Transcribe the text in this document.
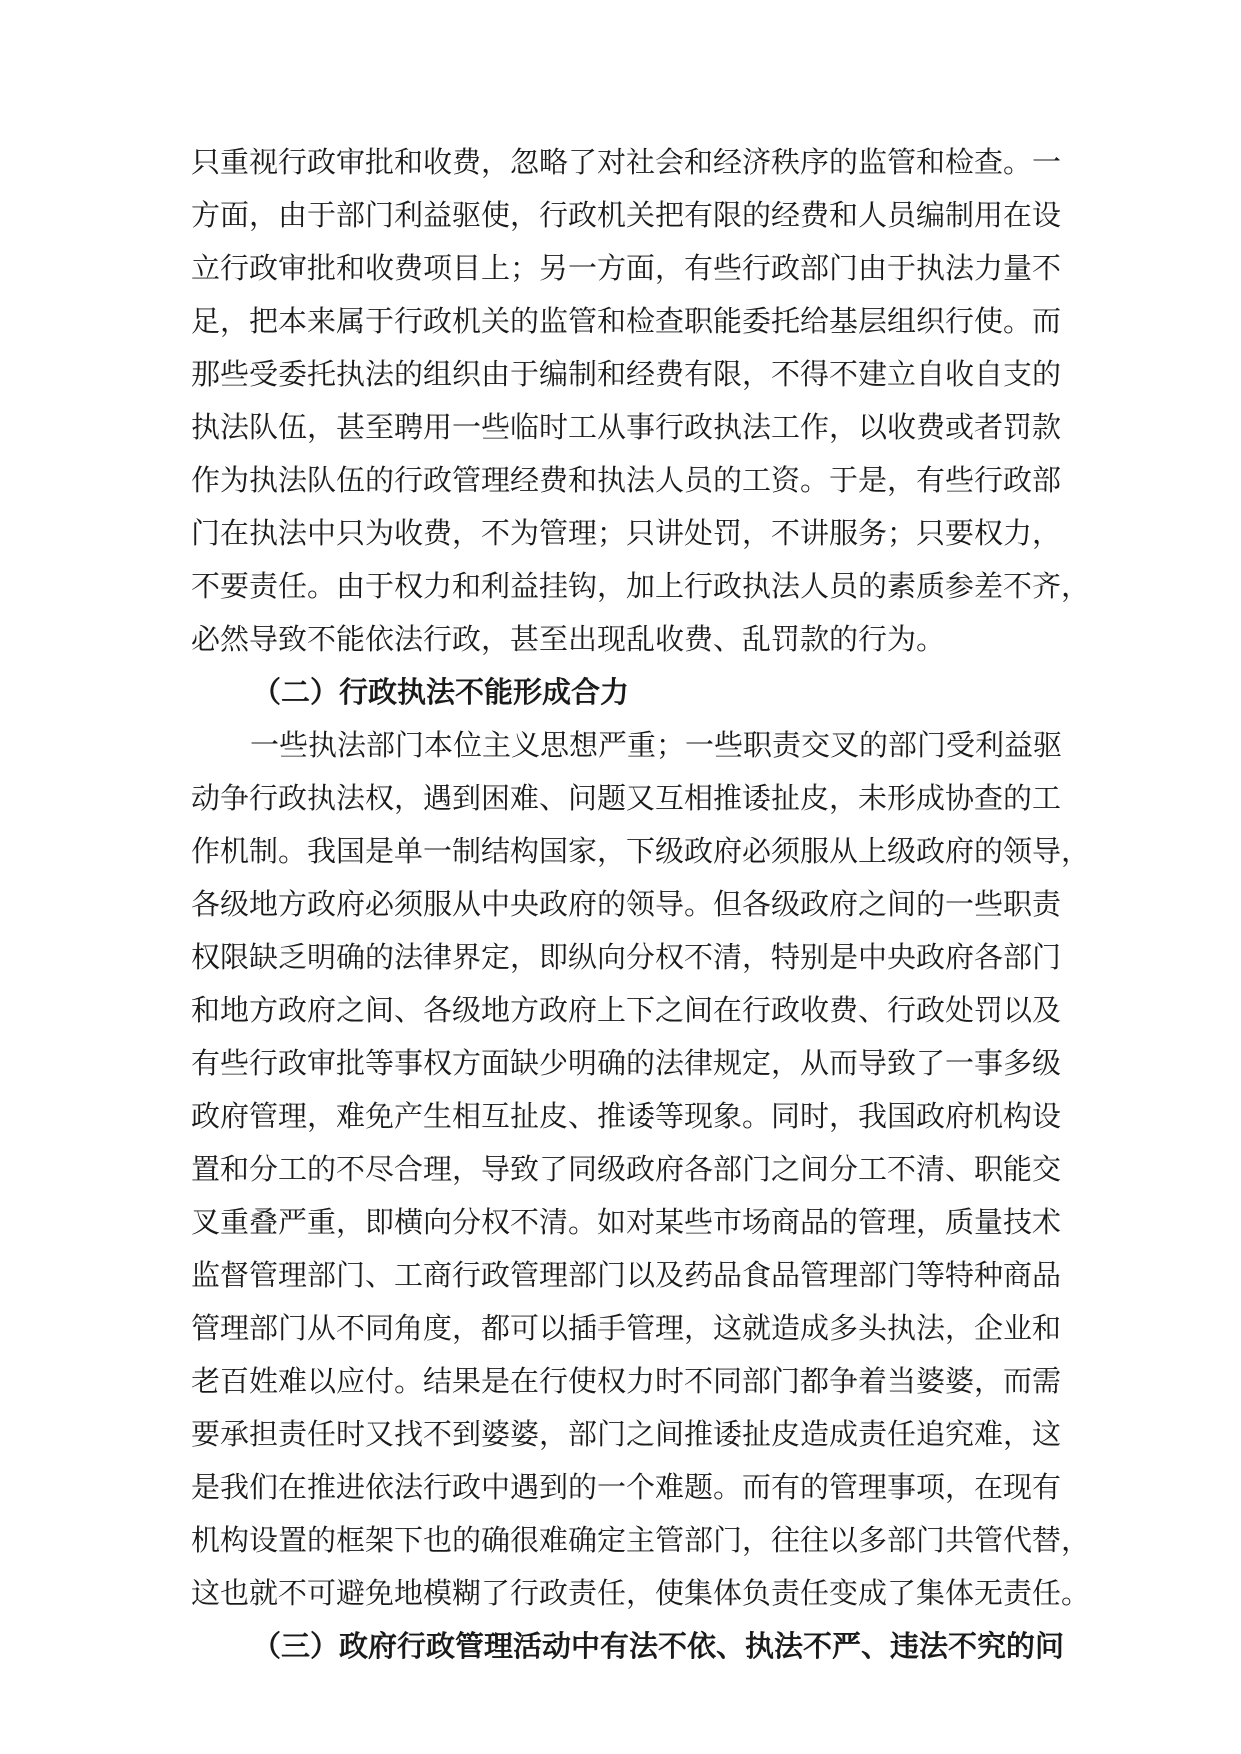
只重视行政审批和收费，忽略了对社会和经济秩序的监管和检查。一
方面，由于部门利益驱使，行政机关把有限的经费和人员编制用在设
立行政审批和收费项目上；另一方面，有些行政部门由于执法力量不
足，把本来属于行政机关的监管和检查职能委托给基层组织行使。而
那些受委托执法的组织由于编制和经费有限，不得不建立自收自支的
执法队伍，甚至聘用一些临时工从事行政执法工作，以收费或者罚款
作为执法队伍的行政管理经费和执法人员的工资。于是，有些行政部
门在执法中只为收费，不为管理；只讲处罚，不讲服务；只要权力，
不要责任。由于权力和利益挂钩，加上行政执法人员的素质参差不齐，
必然导致不能依法行政，甚至出现乱收费、乱罚款的行为。
（二）行政执法不能形成合力
一些执法部门本位主义思想严重；一些职责交叉的部门受利益驱
动争行政执法权，遇到困难、问题又互相推诿扯皮，未形成协查的工
作机制。我国是单一制结构国家，下级政府必须服从上级政府的领导，
各级地方政府必须服从中央政府的领导。但各级政府之间的一些职责
权限缺乏明确的法律界定，即纵向分权不清，特别是中央政府各部门
和地方政府之间、各级地方政府上下之间在行政收费、行政处罚以及
有些行政审批等事权方面缺少明确的法律规定，从而导致了一事多级
政府管理，难免产生相互扯皮、推诿等现象。同时，我国政府机构设
置和分工的不尽合理，导致了同级政府各部门之间分工不清、职能交
叉重叠严重，即横向分权不清。如对某些市场商品的管理，质量技术
监督管理部门、工商行政管理部门以及药品食品管理部门等特种商品
管理部门从不同角度，都可以插手管理，这就造成多头执法，企业和
老百姓难以应付。结果是在行使权力时不同部门都争着当婆婆，而需
要承担责任时又找不到婆婆，部门之间推诿扯皮造成责任追究难，这
是我们在推进依法行政中遇到的一个难题。而有的管理事项，在现有
机构设置的框架下也的确很难确定主管部门，往往以多部门共管代替，
这也就不可避免地模糊了行政责任，使集体负责任变成了集体无责任。
（三）政府行政管理活动中有法不依、执法不严、违法不究的问
